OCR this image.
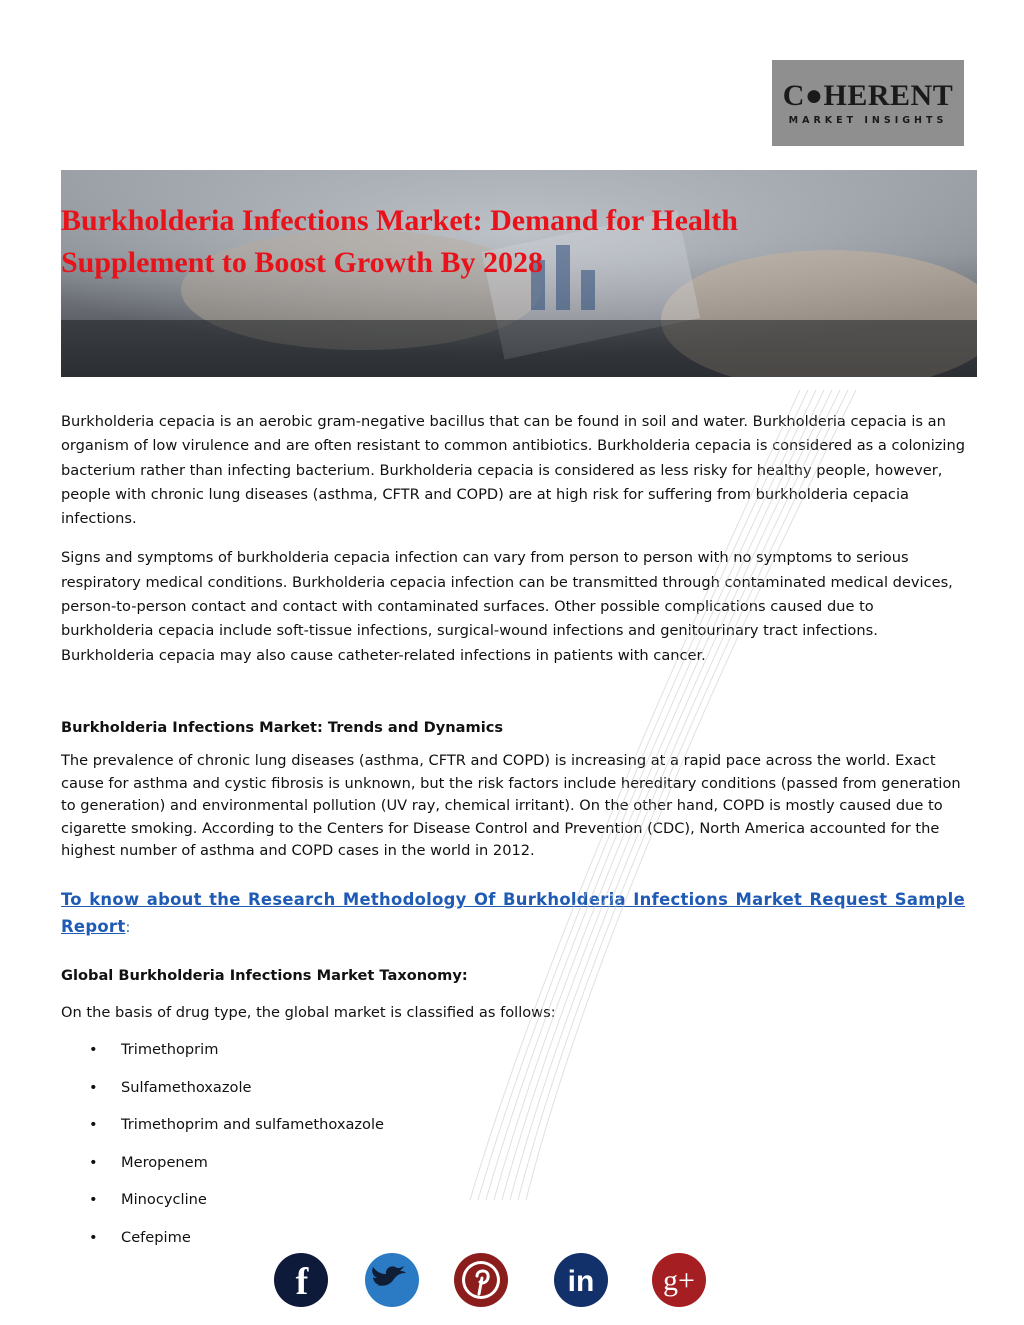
C●HERENT
MARKET INSIGHTS
Burkholderia Infections Market: Demand for Health Supplement to Boost Growth By 2028

Burkholderia cepacia is an aerobic gram-negative bacillus that can be found in soil and water. Burkholderia cepacia is an organism of low virulence and are often resistant to common antibiotics. Burkholderia cepacia is considered as a colonizing bacterium rather than infecting bacterium. Burkholderia cepacia is considered as less risky for healthy people, however, people with chronic lung diseases (asthma, CFTR and COPD) are at high risk for suffering from burkholderia cepacia infections.

Signs and symptoms of burkholderia cepacia infection can vary from person to person with no symptoms to serious respiratory medical conditions. Burkholderia cepacia infection can be transmitted through contaminated medical devices, person-to-person contact and contact with contaminated surfaces. Other possible complications caused due to burkholderia cepacia include soft-tissue infections, surgical-wound infections and genitourinary tract infections. Burkholderia cepacia may also cause catheter-related infections in patients with cancer.

Burkholderia Infections Market: Trends and Dynamics

The prevalence of chronic lung diseases (asthma, CFTR and COPD) is increasing at a rapid pace across the world. Exact cause for asthma and cystic fibrosis is unknown, but the risk factors include hereditary conditions (passed from generation to generation) and environmental pollution (UV ray, chemical irritant). On the other hand, COPD is mostly caused due to cigarette smoking. According to the Centers for Disease Control and Prevention (CDC), North America accounted for the highest number of asthma and COPD cases in the world in 2012.

To know about the Research Methodology Of Burkholderia Infections Market Request Sample Report:

Global Burkholderia Infections Market Taxonomy:

On the basis of drug type, the global market is classified as follows:

• Trimethoprim
• Sulfamethoxazole
• Trimethoprim and sulfamethoxazole
• Meropenem
• Minocycline
• Cefepime
f	in g+
